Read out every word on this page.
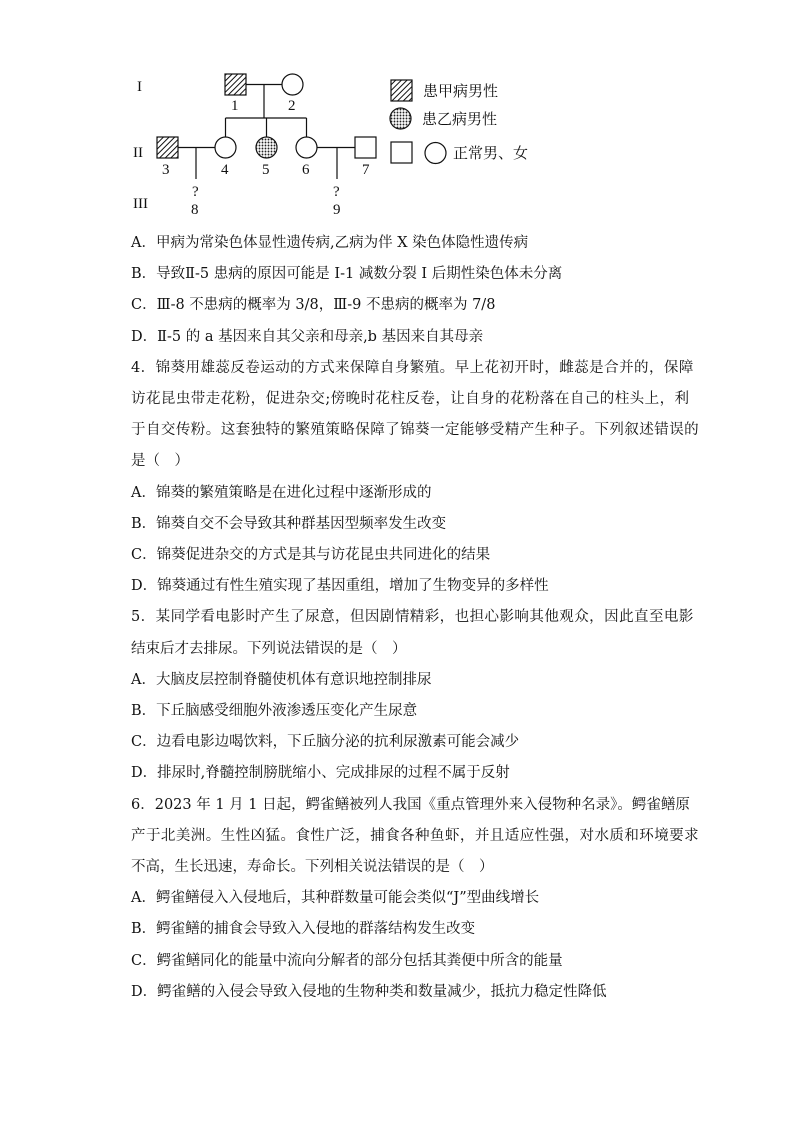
I
II
III
1	2
3	4 5 6	7
?
8
?
9
患甲病男性
患乙病男性
正常男、女

A．甲病为常染色体显性遗传病,乙病为伴 X 染色体隐性遗传病

B．导致Ⅱ-5 患病的原因可能是 I-1 减数分裂 I 后期性染色体未分离

C．Ⅲ-8 不患病的概率为 3/8，Ⅲ-9 不患病的概率为 7/8

D．Ⅱ-5 的 a 基因来自其父亲和母亲,b 基因来自其母亲

4．锦葵用雄蕊反卷运动的方式来保障自身繁殖。早上花初开时，雌蕊是合并的，保障

访花昆虫带走花粉，促进杂交;傍晚时花柱反卷，让自身的花粉落在自己的柱头上，利

于自交传粉。这套独特的繁殖策略保障了锦葵一定能够受精产生种子。下列叙述错误的

是（　）

A．锦葵的繁殖策略是在进化过程中逐渐形成的

B．锦葵自交不会导致其种群基因型频率发生改变

C．锦葵促进杂交的方式是其与访花昆虫共同进化的结果

D．锦葵通过有性生殖实现了基因重组，增加了生物变异的多样性

5．某同学看电影时产生了尿意，但因剧情精彩，也担心影响其他观众，因此直至电影

结束后才去排尿。下列说法错误的是（　）

A．大脑皮层控制脊髓使机体有意识地控制排尿

B．下丘脑感受细胞外液渗透压变化产生尿意

C．边看电影边喝饮料，下丘脑分泌的抗利尿激素可能会减少

D．排尿时,脊髓控制膀胱缩小、完成排尿的过程不属于反射

6．2023 年 1 月 1 日起，鳄雀鳝被列人我国《重点管理外来入侵物种名录》。鳄雀鳝原

产于北美洲。生性凶猛。食性广泛，捕食各种鱼虾，并且适应性强，对水质和环境要求

不高，生长迅速，寿命长。下列相关说法错误的是（　）

A．鳄雀鳝侵入入侵地后，其种群数量可能会类似“J”型曲线增长

B．鳄雀鳝的捕食会导致入入侵地的群落结构发生改变

C．鳄雀鳝同化的能量中流向分解者的部分包括其粪便中所含的能量

D．鳄雀鳝的入侵会导致入侵地的生物种类和数量减少，抵抗力稳定性降低
